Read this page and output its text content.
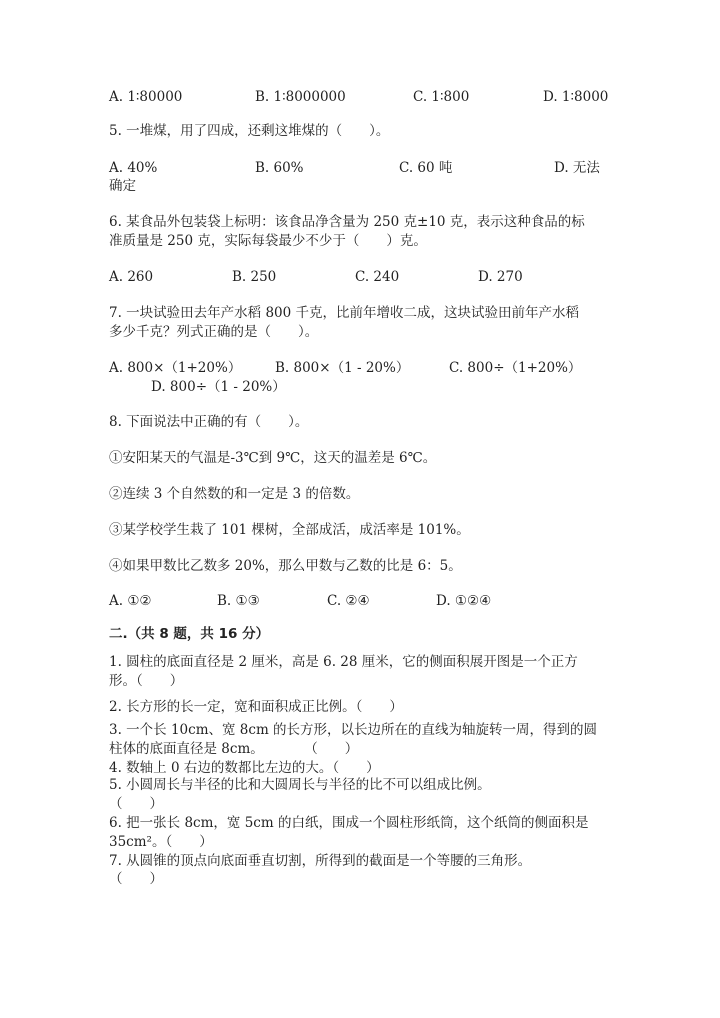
A. 1∶80000	B. 1∶8000000	C. 1∶800	D. 1∶8000
5. 一堆煤，用了四成，还剩这堆煤的（　　）。
A. 40%	B. 60%	C. 60 吨	D. 无法
确定
6. 某食品外包装袋上标明：该食品净含量为 250 克±10 克，表示这种食品的标
准质量是 250 克，实际每袋最少不少于（　　）克。
A. 260	B. 250	C. 240	D. 270
7. 一块试验田去年产水稻 800 千克，比前年增收二成，这块试验田前年产水稻
多少千克？列式正确的是（　　）。
A. 800×（1+20%） B. 800×（1 - 20%）	C. 800÷（1+20%）
D. 800÷（1 - 20%）
8. 下面说法中正确的有（　　）。
①安阳某天的气温是-3℃到 9℃，这天的温差是 6℃。
②连续 3 个自然数的和一定是 3 的倍数。
③某学校学生栽了 101 棵树，全部成活，成活率是 101%。
④如果甲数比乙数多 20%，那么甲数与乙数的比是 6：5。
A. ①②	B. ①③	C. ②④	D. ①②④
二.（共 8 题，共 16 分）
1. 圆柱的底面直径是 2 厘米，高是 6. 28 厘米，它的侧面积展开图是一个正方
形。（　　）
2. 长方形的长一定，宽和面积成正比例。（　　）
3. 一个长 10cm、宽 8cm 的长方形，以长边所在的直线为轴旋转一周，得到的圆
柱体的底面直径是 8cm。　　　　（　　）
4. 数轴上 0 右边的数都比左边的大。（　　）
5. 小圆周长与半径的比和大圆周长与半径的比不可以组成比例。
（　　）
6. 把一张长 8cm，宽 5cm 的白纸，围成一个圆柱形纸筒，这个纸筒的侧面积是
35cm²。（　　）
7. 从圆锥的顶点向底面垂直切割，所得到的截面是一个等腰的三角形。
（　　）
